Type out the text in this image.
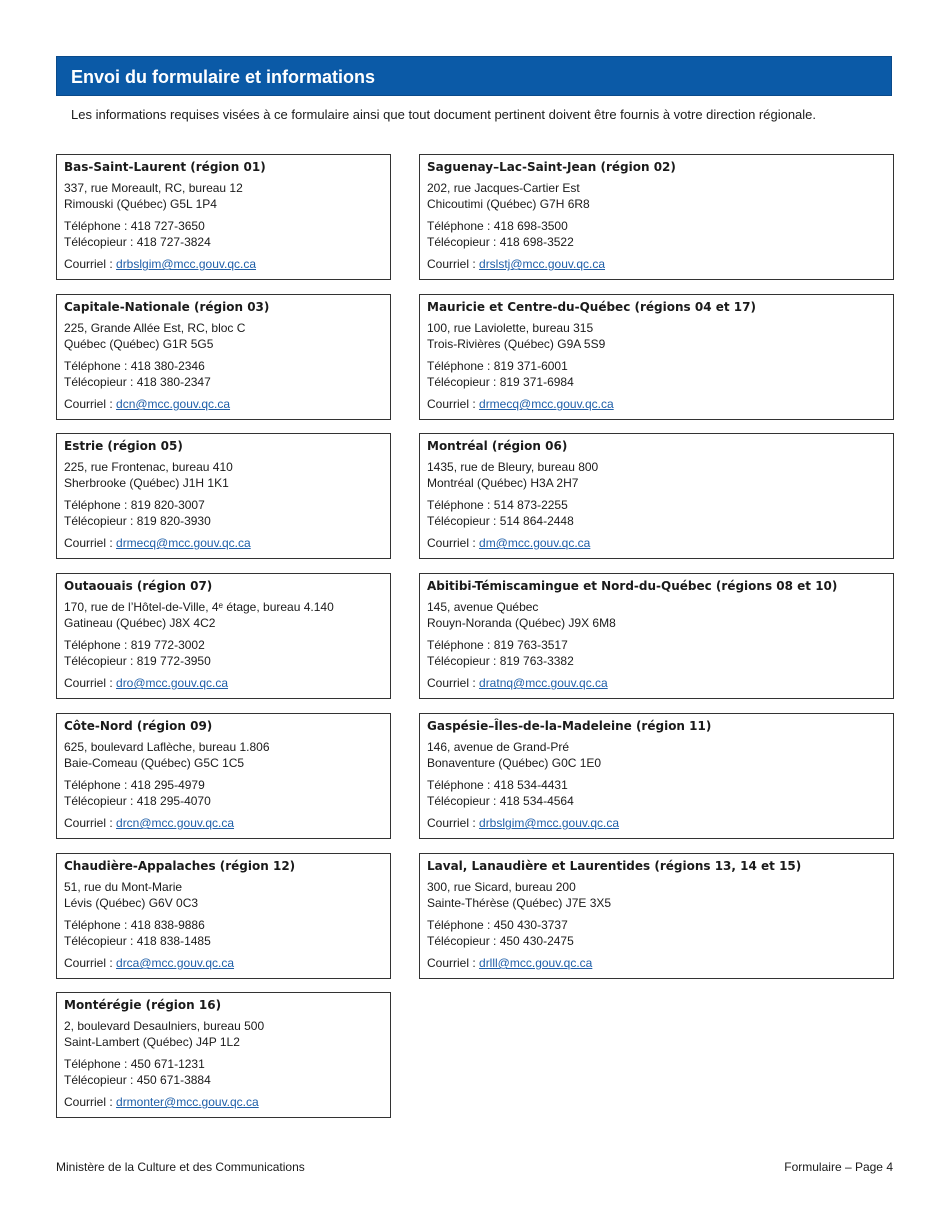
Envoi du formulaire et informations
Les informations requises visées à ce formulaire ainsi que tout document pertinent doivent être fournis à votre direction régionale.
Bas-Saint-Laurent (région 01)
337, rue Moreault, RC, bureau 12
Rimouski (Québec) G5L 1P4
Téléphone : 418 727-3650
Télécopieur : 418 727-3824
Courriel : drbslgim@mcc.gouv.qc.ca
Saguenay–Lac-Saint-Jean (région 02)
202, rue Jacques-Cartier Est
Chicoutimi (Québec) G7H 6R8
Téléphone : 418 698-3500
Télécopieur : 418 698-3522
Courriel : drslstj@mcc.gouv.qc.ca
Capitale-Nationale (région 03)
225, Grande Allée Est, RC, bloc C
Québec (Québec) G1R 5G5
Téléphone : 418 380-2346
Télécopieur : 418 380-2347
Courriel : dcn@mcc.gouv.qc.ca
Mauricie et Centre-du-Québec (régions 04 et 17)
100, rue Laviolette, bureau 315
Trois-Rivières (Québec) G9A 5S9
Téléphone : 819 371-6001
Télécopieur : 819 371-6984
Courriel : drmecq@mcc.gouv.qc.ca
Estrie (région 05)
225, rue Frontenac, bureau 410
Sherbrooke (Québec) J1H 1K1
Téléphone : 819 820-3007
Télécopieur : 819 820-3930
Courriel : drmecq@mcc.gouv.qc.ca
Montréal (région 06)
1435, rue de Bleury, bureau 800
Montréal (Québec) H3A 2H7
Téléphone : 514 873-2255
Télécopieur : 514 864-2448
Courriel : dm@mcc.gouv.qc.ca
Outaouais (région 07)
170, rue de l’Hôtel-de-Ville, 4ᵉ étage, bureau 4.140
Gatineau (Québec) J8X 4C2
Téléphone : 819 772-3002
Télécopieur : 819 772-3950
Courriel : dro@mcc.gouv.qc.ca
Abitibi-Témiscamingue et Nord-du-Québec (régions 08 et 10)
145, avenue Québec
Rouyn-Noranda (Québec) J9X 6M8
Téléphone : 819 763-3517
Télécopieur : 819 763-3382
Courriel : dratnq@mcc.gouv.qc.ca
Côte-Nord (région 09)
625, boulevard Laflèche, bureau 1.806
Baie-Comeau (Québec) G5C 1C5
Téléphone : 418 295-4979
Télécopieur : 418 295-4070
Courriel : drcn@mcc.gouv.qc.ca
Gaspésie–Îles-de-la-Madeleine (région 11)
146, avenue de Grand-Pré
Bonaventure (Québec) G0C 1E0
Téléphone : 418 534-4431
Télécopieur : 418 534-4564
Courriel : drbslgim@mcc.gouv.qc.ca
Chaudière-Appalaches (région 12)
51, rue du Mont-Marie
Lévis (Québec) G6V 0C3
Téléphone : 418 838-9886
Télécopieur : 418 838-1485
Courriel : drca@mcc.gouv.qc.ca
Laval, Lanaudière et Laurentides (régions 13, 14 et 15)
300, rue Sicard, bureau 200
Sainte-Thérèse (Québec) J7E 3X5
Téléphone : 450 430-3737
Télécopieur : 450 430-2475
Courriel : drlll@mcc.gouv.qc.ca
Montérégie (région 16)
2, boulevard Desaulniers, bureau 500
Saint-Lambert (Québec) J4P 1L2
Téléphone : 450 671-1231
Télécopieur : 450 671-3884
Courriel : drmonter@mcc.gouv.qc.ca
Ministère de la Culture et des Communications	Formulaire – Page 4
